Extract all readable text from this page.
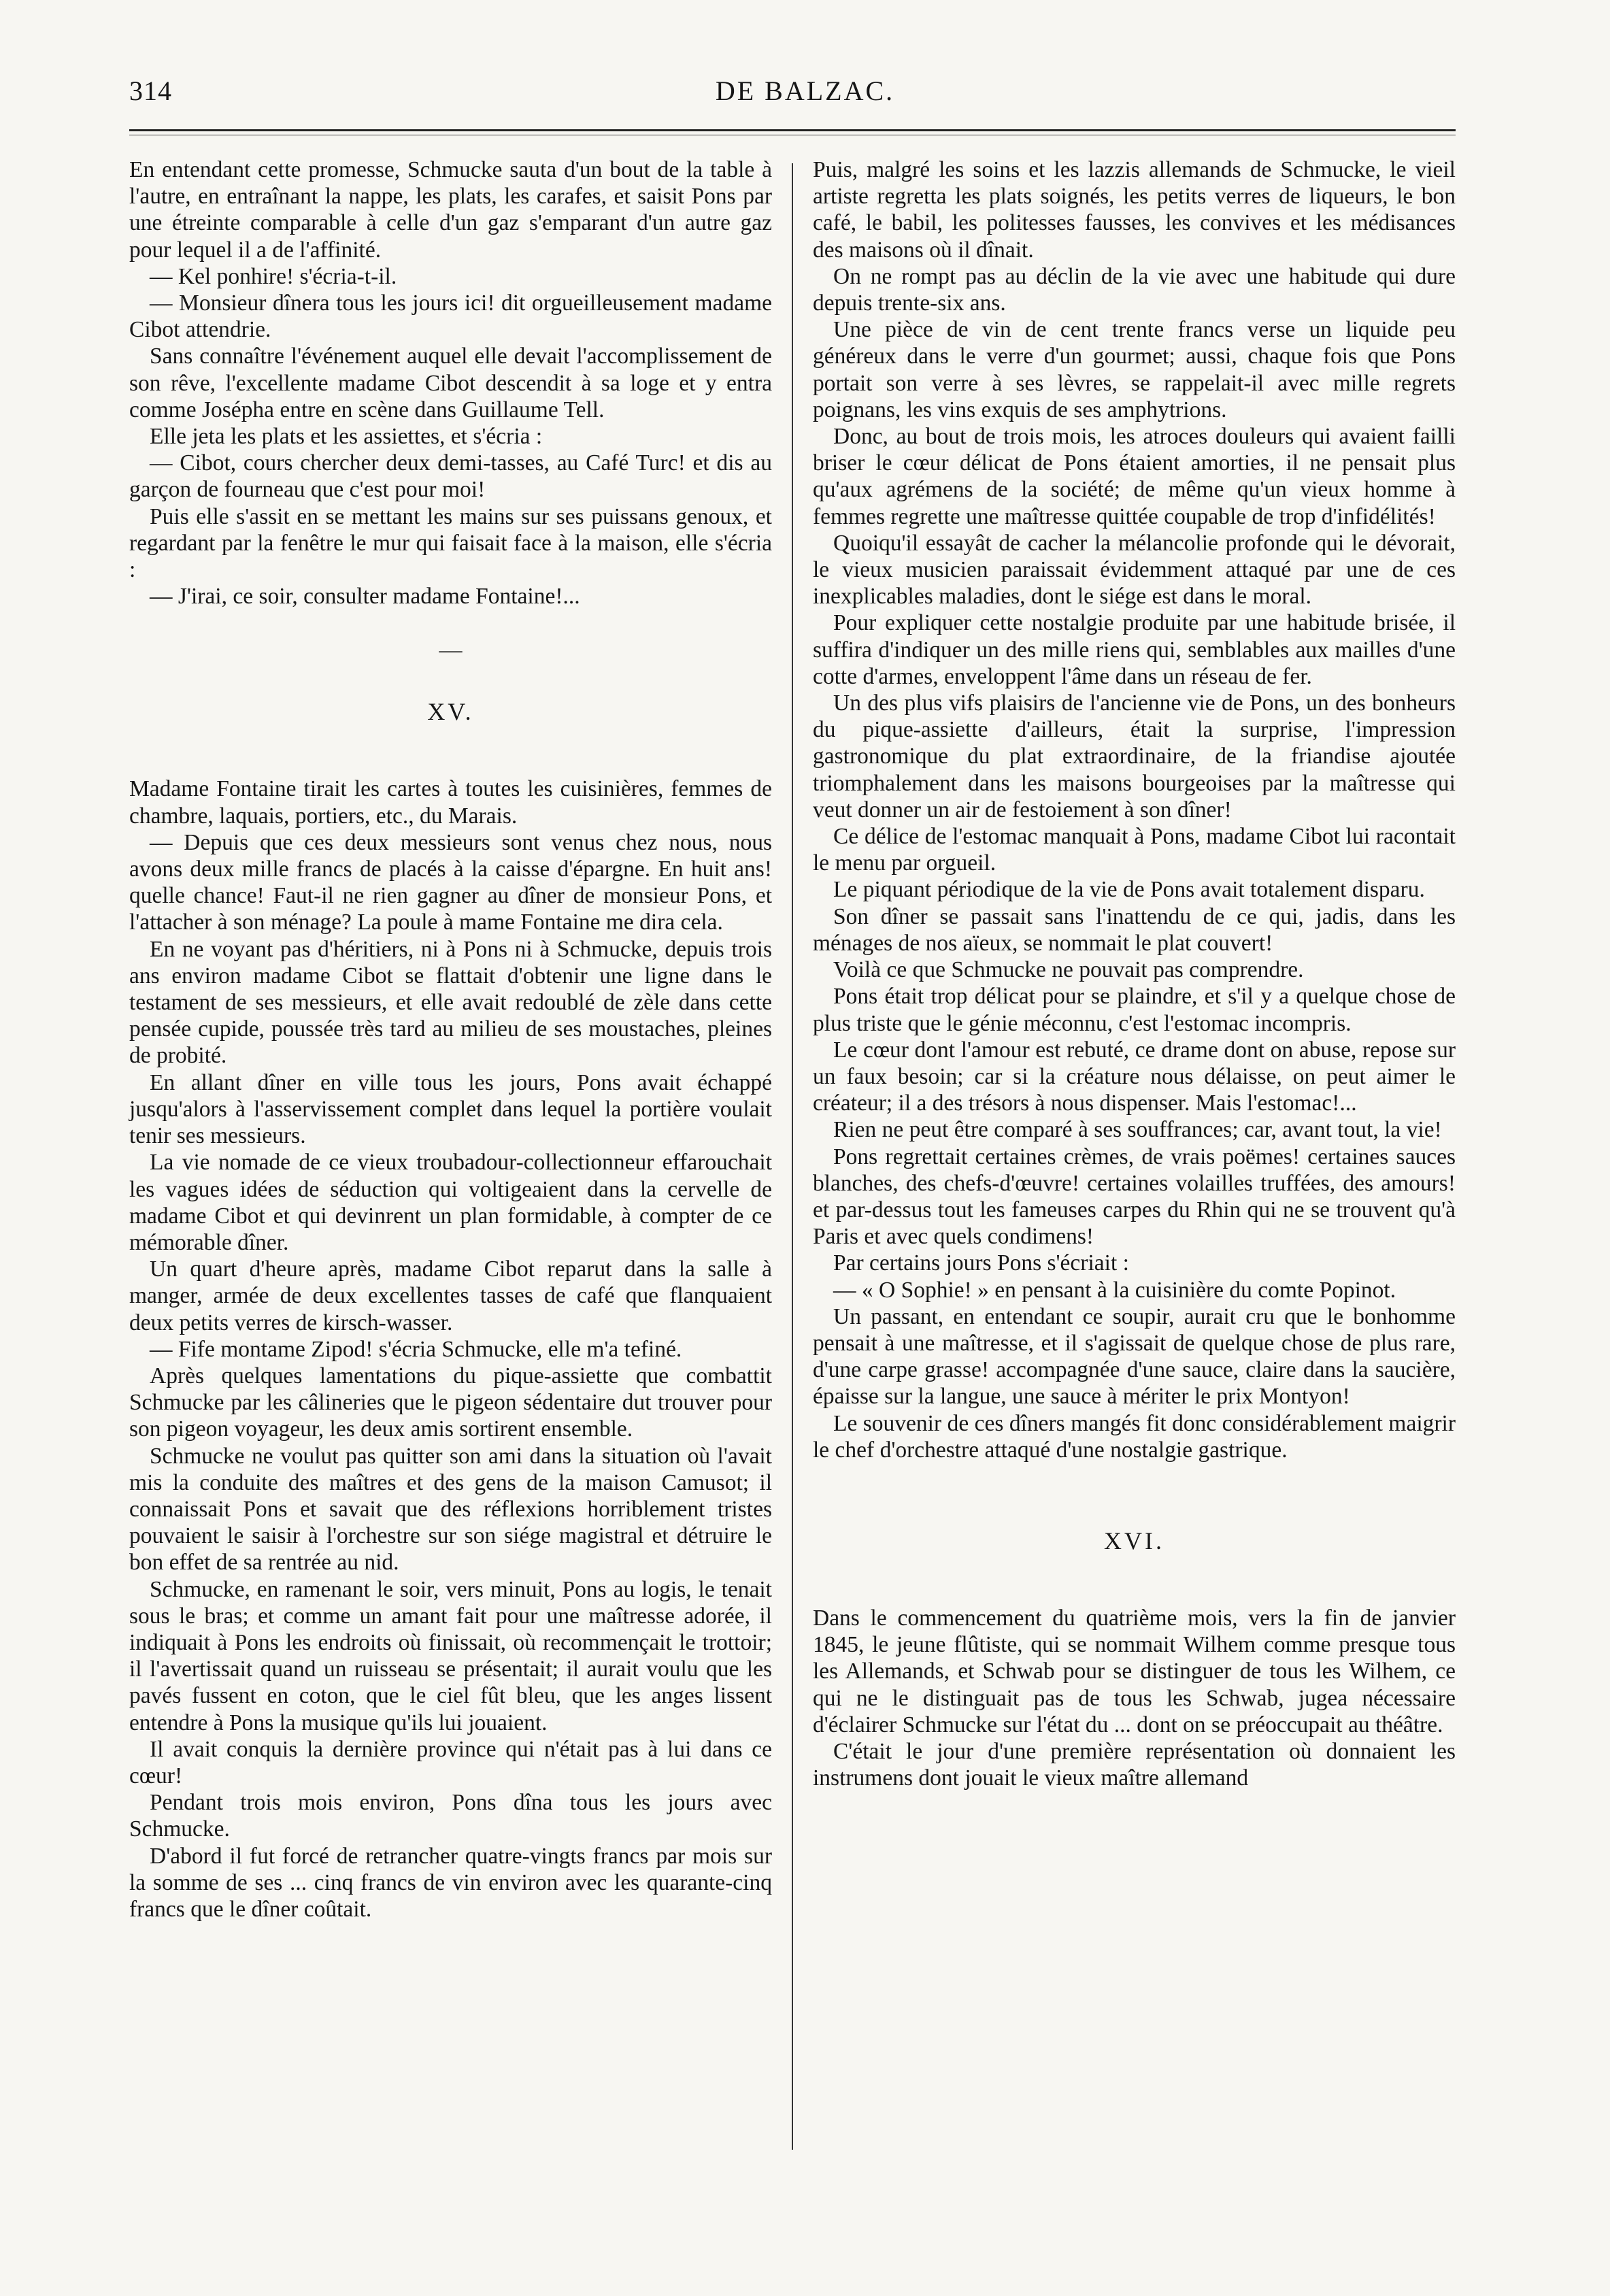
314	DE BALZAC.

En entendant cette promesse, Schmucke sauta d'un bout de la table à l'autre, en entraînant la nappe, les plats, les carafes, et saisit Pons par une étreinte comparable à celle d'un gaz s'emparant d'un autre gaz pour lequel il a de l'affinité.

— Kel ponhire! s'écria-t-il.

— Monsieur dînera tous les jours ici! dit orgueilleusement madame Cibot attendrie.

Sans connaître l'événement auquel elle devait l'accomplissement de son rêve, l'excellente madame Cibot descendit à sa loge et y entra comme Josépha entre en scène dans Guillaume Tell.

Elle jeta les plats et les assiettes, et s'écria :

— Cibot, cours chercher deux demi-tasses, au Café Turc! et dis au garçon de fourneau que c'est pour moi!

Puis elle s'assit en se mettant les mains sur ses puissans genoux, et regardant par la fenêtre le mur qui faisait face à la maison, elle s'écria :

— J'irai, ce soir, consulter madame Fontaine!...

—
XV.

Madame Fontaine tirait les cartes à toutes les cuisinières, femmes de chambre, laquais, portiers, etc., du Marais.

— Depuis que ces deux messieurs sont venus chez nous, nous avons deux mille francs de placés à la caisse d'épargne. En huit ans! quelle chance! Faut-il ne rien gagner au dîner de monsieur Pons, et l'attacher à son ménage? La poule à mame Fontaine me dira cela.

En ne voyant pas d'héritiers, ni à Pons ni à Schmucke, depuis trois ans environ madame Cibot se flattait d'obtenir une ligne dans le testament de ses messieurs, et elle avait redoublé de zèle dans cette pensée cupide, poussée très tard au milieu de ses moustaches, pleines de probité.

En allant dîner en ville tous les jours, Pons avait échappé jusqu'alors à l'asservissement complet dans lequel la portière voulait tenir ses messieurs.

La vie nomade de ce vieux troubadour-collectionneur effarouchait les vagues idées de séduction qui voltigeaient dans la cervelle de madame Cibot et qui devinrent un plan formidable, à compter de ce mémorable dîner.

Un quart d'heure après, madame Cibot reparut dans la salle à manger, armée de deux excellentes tasses de café que flanquaient deux petits verres de kirsch-wasser.

— Fife montame Zipod! s'écria Schmucke, elle m'a tefiné.

Après quelques lamentations du pique-assiette que combattit Schmucke par les câlineries que le pigeon sédentaire dut trouver pour son pigeon voyageur, les deux amis sortirent ensemble.

Schmucke ne voulut pas quitter son ami dans la situation où l'avait mis la conduite des maîtres et des gens de la maison Camusot; il connaissait Pons et savait que des réflexions horriblement tristes pouvaient le saisir à l'orchestre sur son siége magistral et détruire le bon effet de sa rentrée au nid.

Schmucke, en ramenant le soir, vers minuit, Pons au logis, le tenait sous le bras; et comme un amant fait pour une maîtresse adorée, il indiquait à Pons les endroits où finissait, où recommençait le trottoir; il l'avertissait quand un ruisseau se présentait; il aurait voulu que les pavés fussent en coton, que le ciel fût bleu, que les anges lissent entendre à Pons la musique qu'ils lui jouaient.

Il avait conquis la dernière province qui n'était pas à lui dans ce cœur!

Pendant trois mois environ, Pons dîna tous les jours avec Schmucke.

D'abord il fut forcé de retrancher quatre-vingts francs par mois sur la somme de ses ... cinq francs de vin environ avec les quarante-cinq francs que le dîner coûtait.

Puis, malgré les soins et les lazzis allemands de Schmucke, le vieil artiste regretta les plats soignés, les petits verres de liqueurs, le bon café, le babil, les politesses fausses, les convives et les médisances des maisons où il dînait.

On ne rompt pas au déclin de la vie avec une habitude qui dure depuis trente-six ans.

Une pièce de vin de cent trente francs verse un liquide peu généreux dans le verre d'un gourmet; aussi, chaque fois que Pons portait son verre à ses lèvres, se rappelait-il avec mille regrets poignans, les vins exquis de ses amphytrions.

Donc, au bout de trois mois, les atroces douleurs qui avaient failli briser le cœur délicat de Pons étaient amorties, il ne pensait plus qu'aux agrémens de la société; de même qu'un vieux homme à femmes regrette une maîtresse quittée coupable de trop d'infidélités!

Quoiqu'il essayât de cacher la mélancolie profonde qui le dévorait, le vieux musicien paraissait évidemment attaqué par une de ces inexplicables maladies, dont le siége est dans le moral.

Pour expliquer cette nostalgie produite par une habitude brisée, il suffira d'indiquer un des mille riens qui, semblables aux mailles d'une cotte d'armes, enveloppent l'âme dans un réseau de fer.

Un des plus vifs plaisirs de l'ancienne vie de Pons, un des bonheurs du pique-assiette d'ailleurs, était la surprise, l'impression gastronomique du plat extraordinaire, de la friandise ajoutée triomphalement dans les maisons bourgeoises par la maîtresse qui veut donner un air de festoiement à son dîner!

Ce délice de l'estomac manquait à Pons, madame Cibot lui racontait le menu par orgueil.

Le piquant périodique de la vie de Pons avait totalement disparu.

Son dîner se passait sans l'inattendu de ce qui, jadis, dans les ménages de nos aïeux, se nommait le plat couvert!

Voilà ce que Schmucke ne pouvait pas comprendre.

Pons était trop délicat pour se plaindre, et s'il y a quelque chose de plus triste que le génie méconnu, c'est l'estomac incompris.

Le cœur dont l'amour est rebuté, ce drame dont on abuse, repose sur un faux besoin; car si la créature nous délaisse, on peut aimer le créateur; il a des trésors à nous dispenser. Mais l'estomac!...

Rien ne peut être comparé à ses souffrances; car, avant tout, la vie!

Pons regrettait certaines crèmes, de vrais poëmes! certaines sauces blanches, des chefs-d'œuvre! certaines volailles truffées, des amours! et par-dessus tout les fameuses carpes du Rhin qui ne se trouvent qu'à Paris et avec quels condimens!

Par certains jours Pons s'écriait :

— « O Sophie! » en pensant à la cuisinière du comte Popinot.

Un passant, en entendant ce soupir, aurait cru que le bonhomme pensait à une maîtresse, et il s'agissait de quelque chose de plus rare, d'une carpe grasse! accompagnée d'une sauce, claire dans la saucière, épaisse sur la langue, une sauce à mériter le prix Montyon!

Le souvenir de ces dîners mangés fit donc considérablement maigrir le chef d'orchestre attaqué d'une nostalgie gastrique.

XVI.

Dans le commencement du quatrième mois, vers la fin de janvier 1845, le jeune flûtiste, qui se nommait Wilhem comme presque tous les Allemands, et Schwab pour se distinguer de tous les Wilhem, ce qui ne le distinguait pas de tous les Schwab, jugea nécessaire d'éclairer Schmucke sur l'état du ... dont on se préoccupait au théâtre.

C'était le jour d'une première représentation où donnaient les instrumens dont jouait le vieux maître allemand
